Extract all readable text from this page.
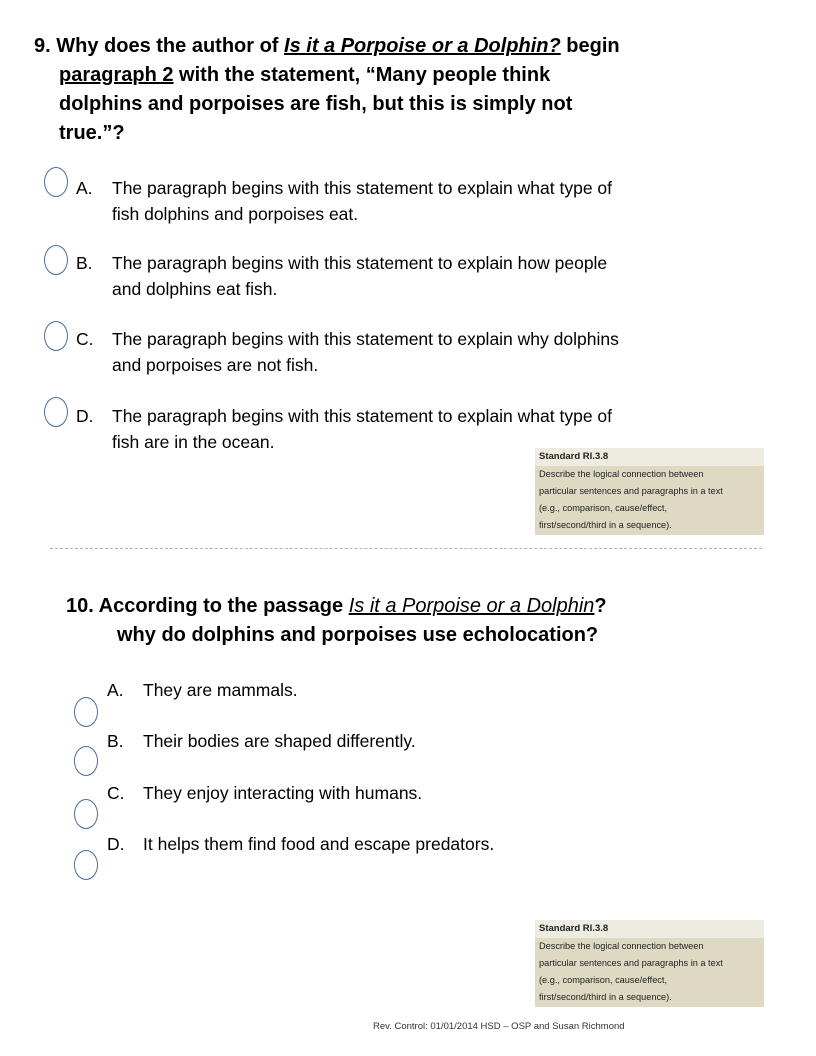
9. Why does the author of Is it a Porpoise or a Dolphin? begin
paragraph 2 with the statement, “Many people think
dolphins and porpoises are fish, but this is simply not
true.”?
A. The paragraph begins with this statement to explain what type of
fish dolphins and porpoises eat.
B. The paragraph begins with this statement to explain how people
and dolphins eat fish.
C. The paragraph begins with this statement to explain why dolphins
and porpoises are not fish.
D. The paragraph begins with this statement to explain what type of
fish are in the ocean.
Standard RI.3.8
Describe the logical connection between
particular sentences and paragraphs in a text
(e.g., comparison, cause/effect,
first/second/third in a sequence).
10. According to the passage Is it a Porpoise or a Dolphin?
why do dolphins and porpoises use echolocation?
A. They are mammals.
B. Their bodies are shaped differently.
C. They enjoy interacting with humans.
D. It helps them find food and escape predators.
Standard RI.3.8
Describe the logical connection between
particular sentences and paragraphs in a text
(e.g., comparison, cause/effect,
first/second/third in a sequence).
Rev. Control: 01/01/2014 HSD – OSP and Susan Richmond
